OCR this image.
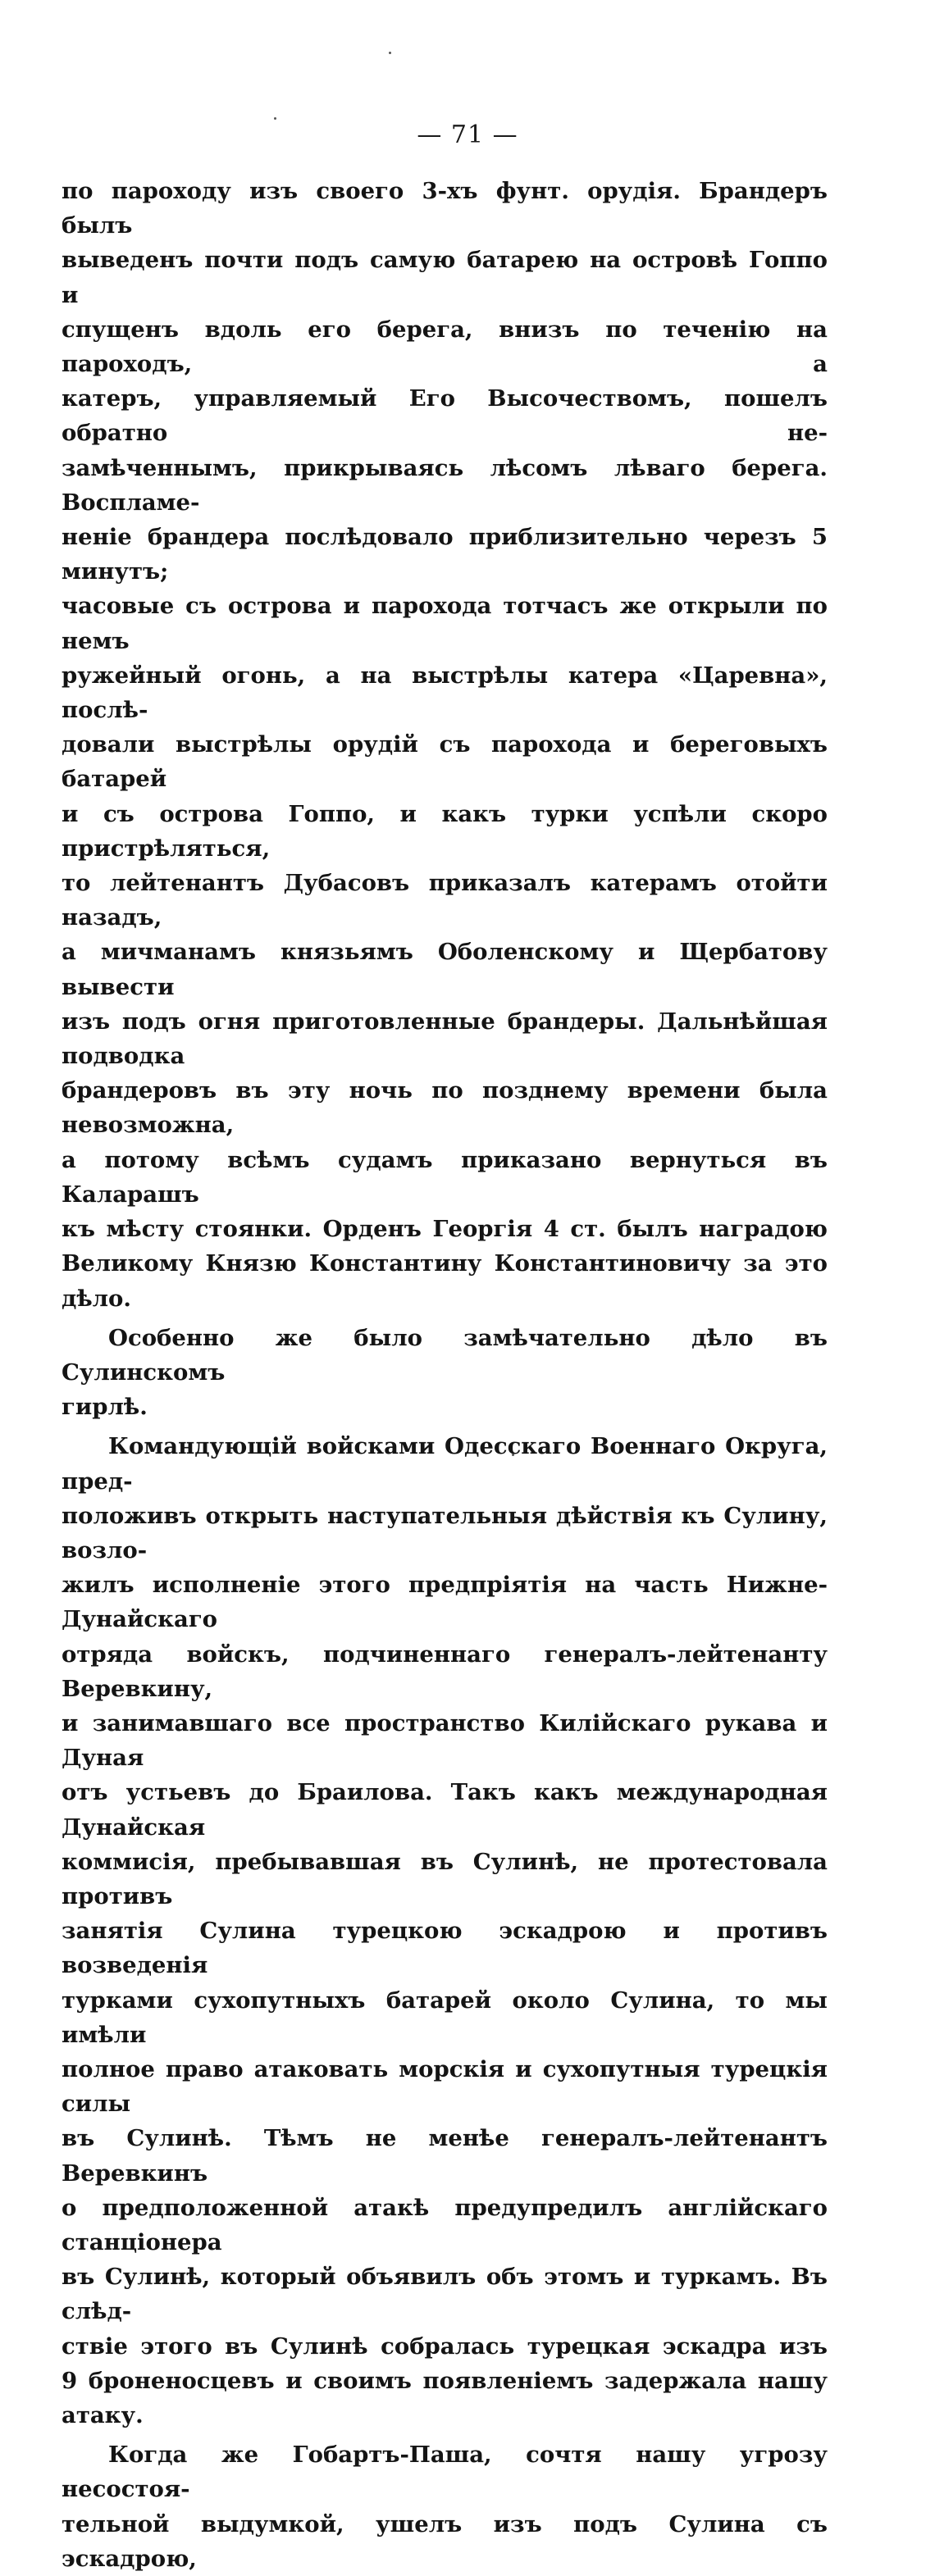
— 71 —

по пароходу изъ своего 3-хъ фунт. орудія. Брандеръ былъ

выведенъ почти подъ самую батарею на островѣ Гоппо и

спущенъ вдоль его берега, внизъ по теченію на пароходъ, а

катеръ, управляемый Его Высочествомъ, пошелъ обратно не-

замѣченнымъ, прикрываясь лѣсомъ лѣваго берега. Воспламе-

неніе брандера послѣдовало приблизительно черезъ 5 минутъ;

часовые съ острова и парохода тотчасъ же открыли по немъ

ружейный огонь, а на выстрѣлы катера «Царевна», послѣ-

довали выстрѣлы орудій съ парохода и береговыхъ батарей

и съ острова Гоппо, и какъ турки успѣли скоро пристрѣляться,

то лейтенантъ Дубасовъ приказалъ катерамъ отойти назадъ,

а мичманамъ князьямъ Оболенскому и Щербатову вывести

изъ подъ огня приготовленные брандеры. Дальнѣйшая подводка

брандеровъ въ эту ночь по позднему времени была невозможна,

а потому всѣмъ судамъ приказано вернуться въ Каларашъ

къ мѣсту стоянки. Орденъ Георгія 4 ст. былъ наградою

Великому Князю Константину Константиновичу за это дѣло.

Особенно же было замѣчательно дѣло въ Сулинскомъ

гирлѣ.

Командующій войсками Одесскаго Военнаго Округа, пред-

положивъ открыть наступательныя дѣйствія къ Сулину, возло-

жилъ исполненіе этого предпріятія на часть Нижне-Дунайскаго

отряда войскъ, подчиненнаго генералъ-лейтенанту Веревкину,

и занимавшаго все пространство Килійскаго рукава и Дуная

отъ устьевъ до Браилова. Такъ какъ международная Дунайская

коммисія, пребывавшая въ Сулинѣ, не протестовала противъ

занятія Сулина турецкою эскадрою и противъ возведенія

турками сухопутныхъ батарей около Сулина, то мы имѣли

полное право атаковать морскія и сухопутныя турецкія силы

въ Сулинѣ. Тѣмъ не менѣе генералъ-лейтенантъ Веревкинъ

о предположенной атакѣ предупредилъ англійскаго станціонера

въ Сулинѣ, который объявилъ объ этомъ и туркамъ. Въ слѣд-

ствіе этого въ Сулинѣ собралась турецкая эскадра изъ

9 броненосцевъ и своимъ появленіемъ задержала нашу

атаку.

Когда же Гобартъ-Паша, сочтя нашу угрозу несостоя-

тельной выдумкой, ушелъ изъ подъ Сулина съ эскадрою,
